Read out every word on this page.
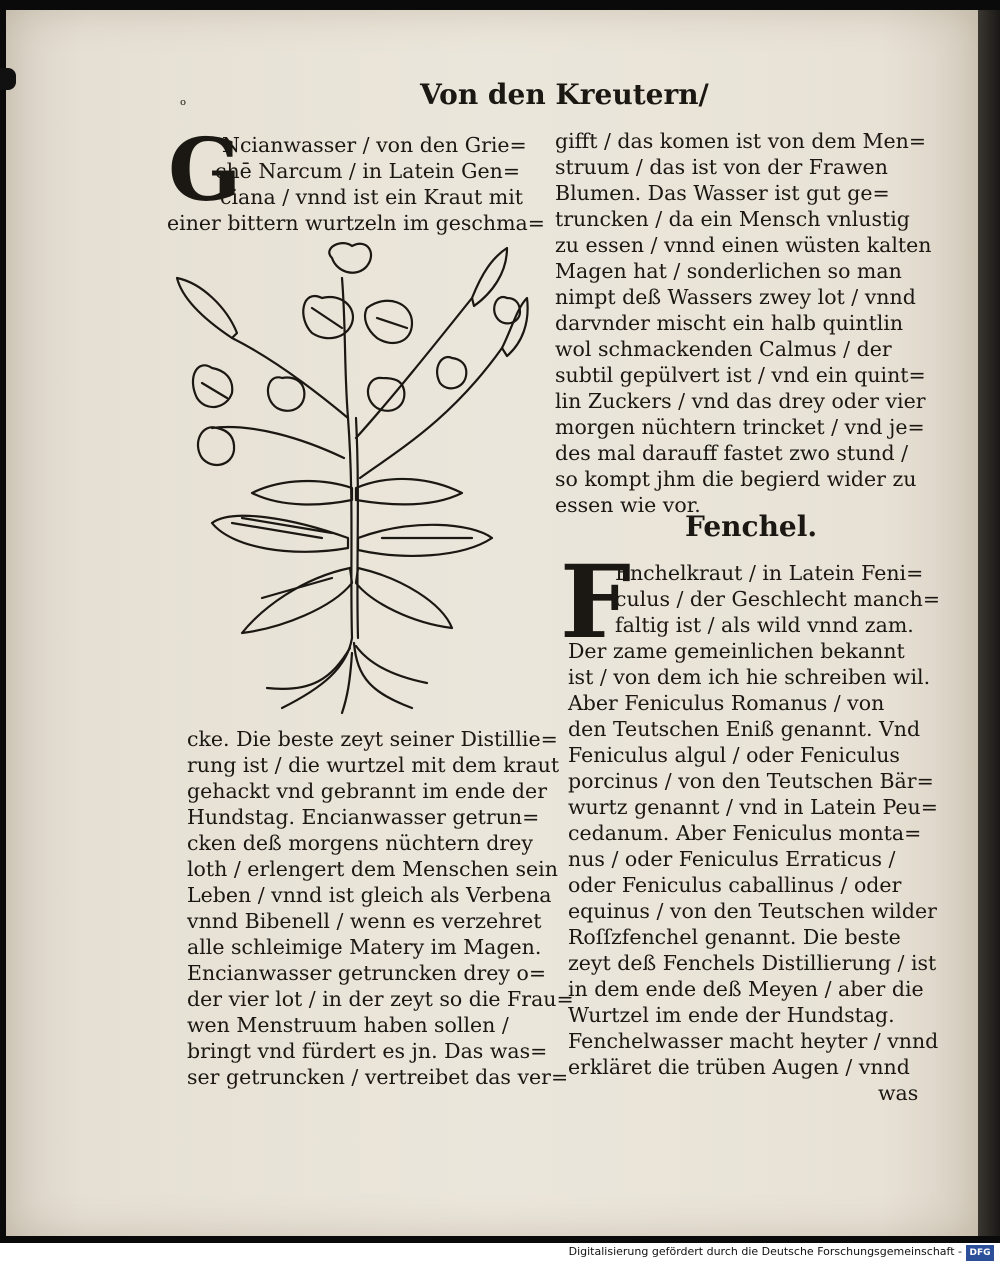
ₒ	Von den Kreutern/
G
Ncianwasser / von den Grie=
chē Narcum / in Latein Gen=
ciana / vnnd ist ein Kraut mit
einer bittern wurtzeln im geschma=
cke. Die beste zeyt seiner Distillie=
rung ist / die wurtzel mit dem kraut
gehackt vnd gebrannt im ende der
Hundstag. Encianwasser getrun=
cken deß morgens nüchtern drey
loth / erlengert dem Menschen sein
Leben / vnnd ist gleich als Verbena
vnnd Bibenell / wenn es verzehret
alle schleimige Matery im Magen.
Encianwasser getruncken drey o=
der vier lot / in der zeyt so die Frau=
wen Menstruum haben sollen /
bringt vnd fürdert es jn. Das was=
ser getruncken / vertreibet das ver=
gifft / das komen ist von dem Men=
struum / das ist von der Frawen
Blumen. Das Wasser ist gut ge=
truncken / da ein Mensch vnlustig
zu essen / vnnd einen wüsten kalten
Magen hat / sonderlichen so man
nimpt deß Wassers zwey lot / vnnd
darvnder mischt ein halb quintlin
wol schmackenden Calmus / der
subtil gepülvert ist / vnd ein quint=
lin Zuckers / vnd das drey oder vier
morgen nüchtern trincket / vnd je=
des mal darauff fastet zwo stund /
so kompt jhm die begierd wider zu
essen wie vor.
Fenchel.
F
Enchelkraut / in Latein Feni=
culus / der Geschlecht manch=
faltig ist / als wild vnnd zam.
Der zame gemeinlichen bekannt
ist / von dem ich hie schreiben wil.
Aber Feniculus Romanus / von
den Teutschen Eniß genannt. Vnd
Feniculus algul / oder Feniculus
porcinus / von den Teutschen Bär=
wurtz genannt / vnd in Latein Peu=
cedanum. Aber Feniculus monta=
nus / oder Feniculus Erraticus /
oder Feniculus caballinus / oder
equinus / von den Teutschen wilder
Roſſzfenchel genannt. Die beste
zeyt deß Fenchels Distillierung / ist
in dem ende deß Meyen / aber die
Wurtzel im ende der Hundstag.
Fenchelwasser macht heyter / vnnd
erkläret die trüben Augen / vnnd
was
Digitalisierung gefördert durch die Deutsche Forschungsgemeinschaft - DFG
